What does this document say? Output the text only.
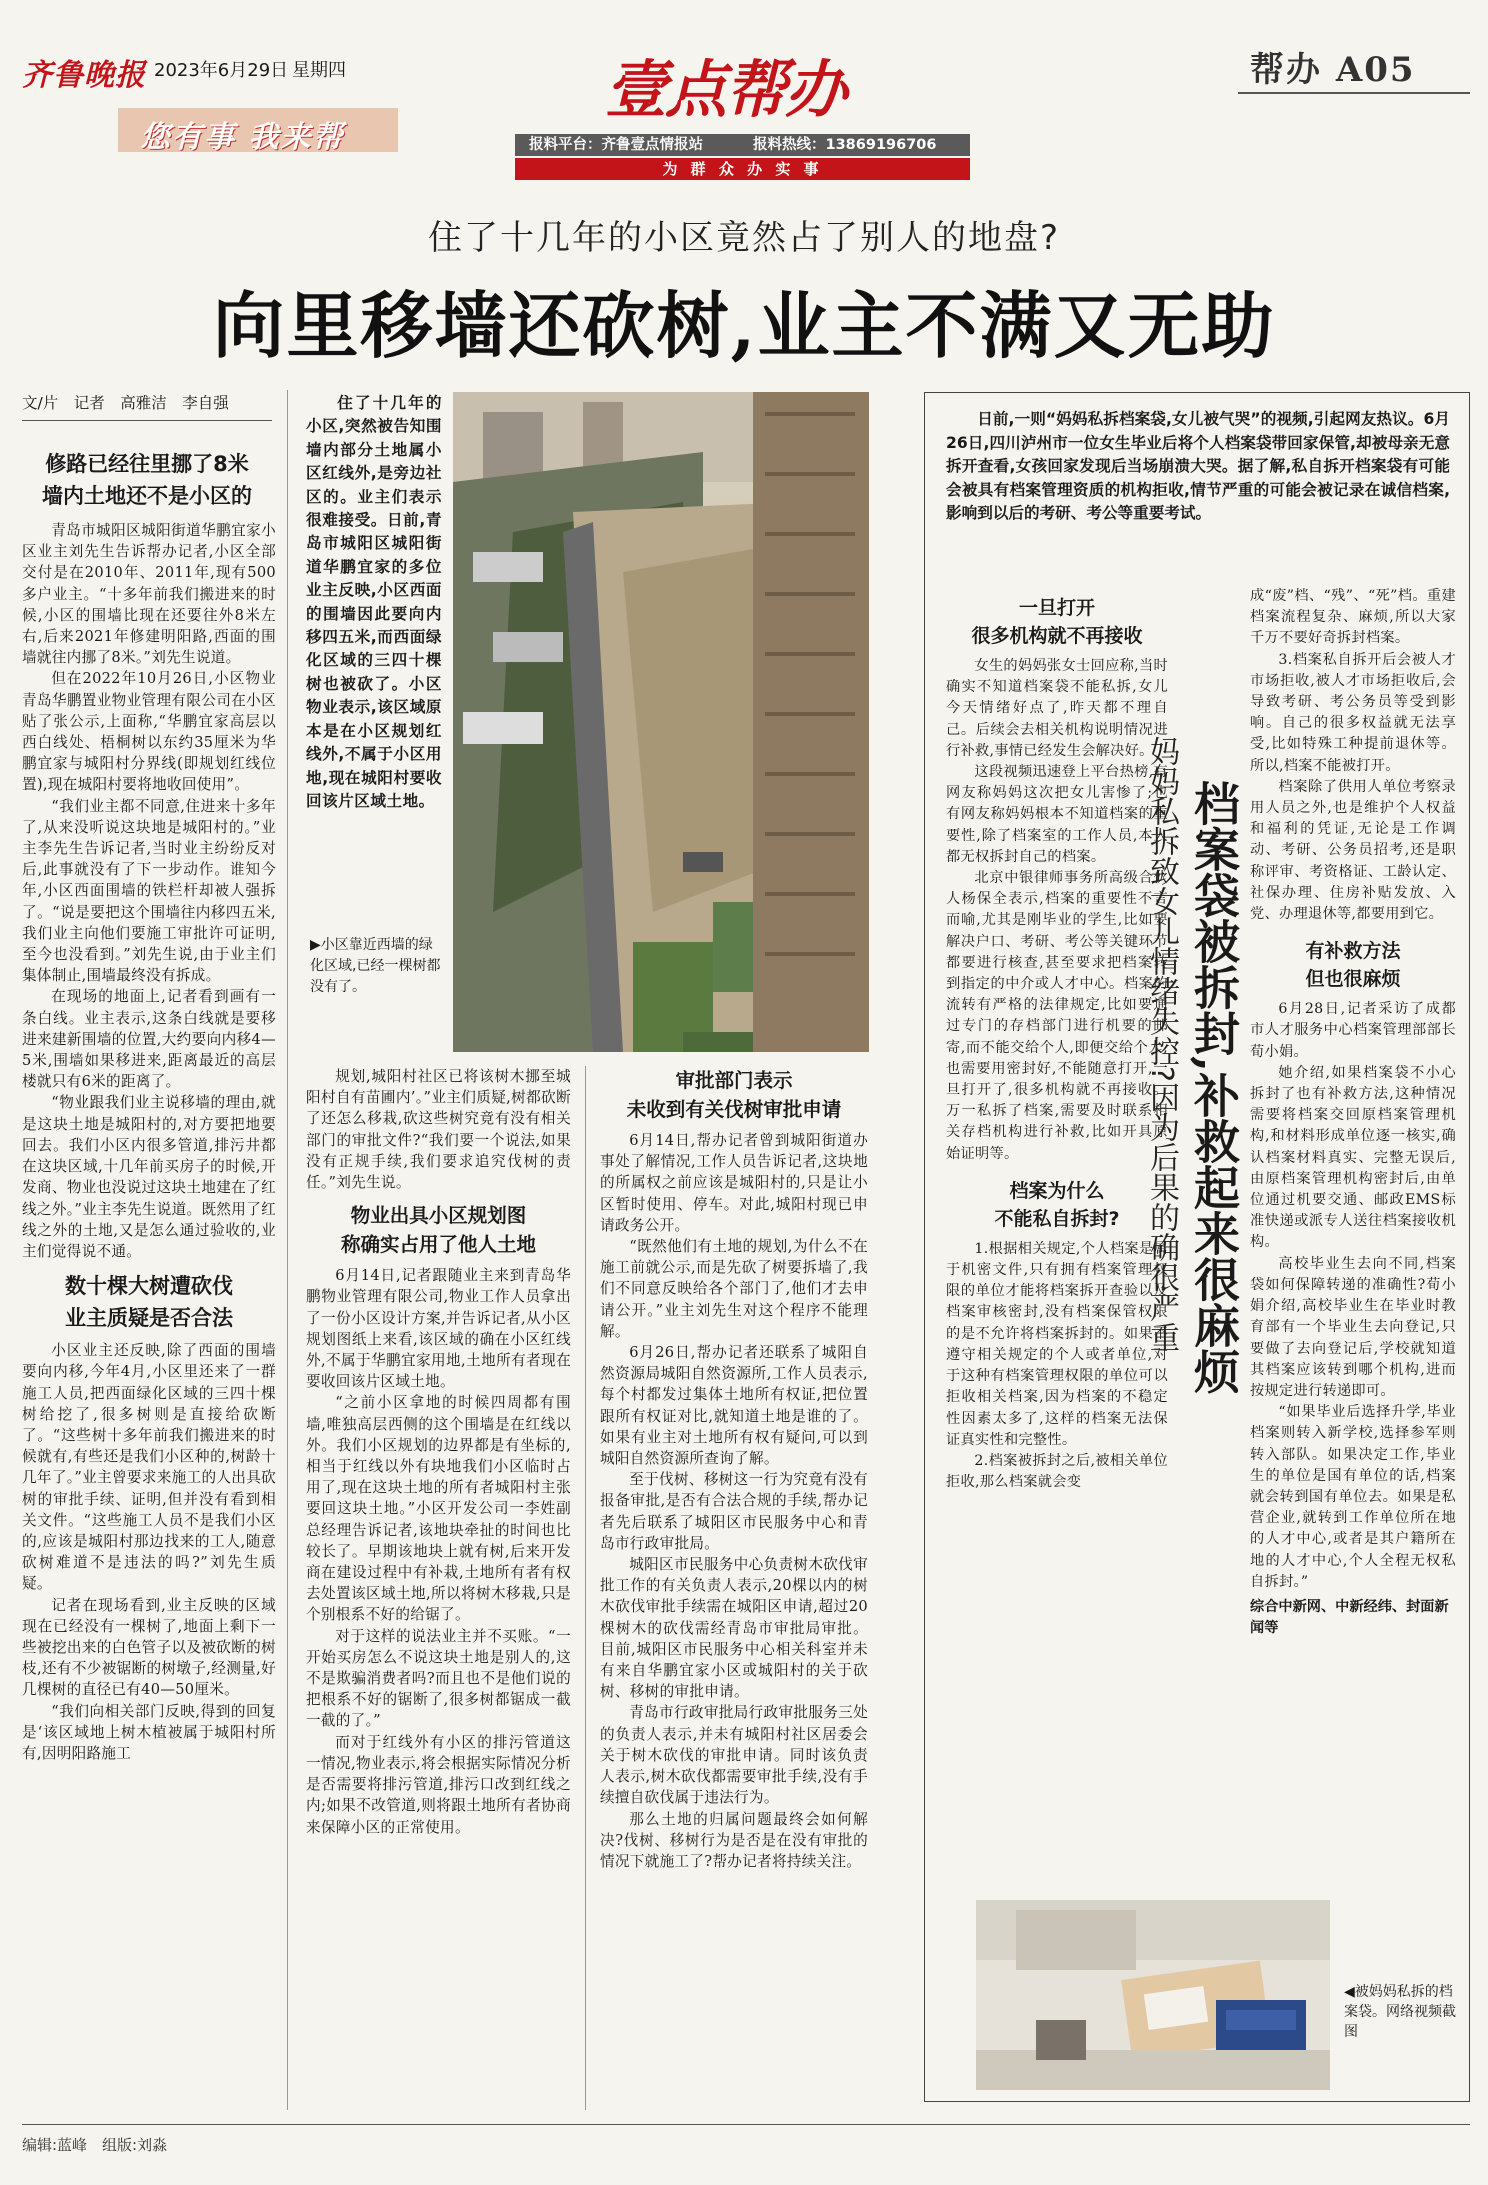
齐鲁晚报 2023年6月29日 星期四
您有事 我来帮
壹点帮办
报料平台：齐鲁壹点情报站	报料热线：13869196706
为 群 众 办 实 事
帮办 A05
住了十几年的小区竟然占了别人的地盘?
向里移墙还砍树,业主不满又无助
文/片　记者　高雅洁　李自强
修路已经往里挪了8米
墙内土地还不是小区的

青岛市城阳区城阳街道华鹏宜家小区业主刘先生告诉帮办记者,小区全部交付是在2010年、2011年,现有500多户业主。“十多年前我们搬进来的时候,小区的围墙比现在还要往外8米左右,后来2021年修建明阳路,西面的围墙就往内挪了8米。”刘先生说道。

但在2022年10月26日,小区物业青岛华鹏置业物业管理有限公司在小区贴了张公示,上面称,“华鹏宜家高层以西白线处、梧桐树以东约35厘米为华鹏宜家与城阳村分界线(即规划红线位置),现在城阳村要将地收回使用”。

“我们业主都不同意,住进来十多年了,从来没听说这块地是城阳村的。”业主李先生告诉记者,当时业主纷纷反对后,此事就没有了下一步动作。谁知今年,小区西面围墙的铁栏杆却被人强拆了。“说是要把这个围墙往内移四五米,我们业主向他们要施工审批许可证明,至今也没看到。”刘先生说,由于业主们集体制止,围墙最终没有拆成。

在现场的地面上,记者看到画有一条白线。业主表示,这条白线就是要移进来建新围墙的位置,大约要向内移4—5米,围墙如果移进来,距离最近的高层楼就只有6米的距离了。

“物业跟我们业主说移墙的理由,就是这块土地是城阳村的,对方要把地要回去。我们小区内很多管道,排污井都在这块区域,十几年前买房子的时候,开发商、物业也没说过这块土地建在了红线之外。”业主李先生说道。既然用了红线之外的土地,又是怎么通过验收的,业主们觉得说不通。

数十棵大树遭砍伐
业主质疑是否合法

小区业主还反映,除了西面的围墙要向内移,今年4月,小区里还来了一群施工人员,把西面绿化区域的三四十棵树给挖了,很多树则是直接给砍断了。“这些树十多年前我们搬进来的时候就有,有些还是我们小区种的,树龄十几年了。”业主曾要求来施工的人出具砍树的审批手续、证明,但并没有看到相关文件。“这些施工人员不是我们小区的,应该是城阳村那边找来的工人,随意砍树难道不是违法的吗?”刘先生质疑。

记者在现场看到,业主反映的区域现在已经没有一棵树了,地面上剩下一些被挖出来的白色管子以及被砍断的树枝,还有不少被锯断的树墩子,经测量,好几棵树的直径已有40—50厘米。

“我们向相关部门反映,得到的回复是‘该区域地上树木植被属于城阳村所有,因明阳路施工

住了十几年的小区,突然被告知围墙内部分土地属小区红线外,是旁边社区的。业主们表示很难接受。日前,青岛市城阳区城阳街道华鹏宜家的多位业主反映,小区西面的围墙因此要向内移四五米,而西面绿化区域的三四十棵树也被砍了。小区物业表示,该区域原本是在小区规划红线外,不属于小区用地,现在城阳村要收回该片区域土地。

▶小区靠近西墙的绿化区域,已经一棵树都没有了。

规划,城阳村社区已将该树木挪至城阳村自有苗圃内’。”业主们质疑,树都砍断了还怎么移栽,砍这些树究竟有没有相关部门的审批文件?“我们要一个说法,如果没有正规手续,我们要求追究伐树的责任。”刘先生说。

物业出具小区规划图
称确实占用了他人土地

6月14日,记者跟随业主来到青岛华鹏物业管理有限公司,物业工作人员拿出了一份小区设计方案,并告诉记者,从小区规划图纸上来看,该区域的确在小区红线外,不属于华鹏宜家用地,土地所有者现在要收回该片区域土地。

“之前小区拿地的时候四周都有围墙,唯独高层西侧的这个围墙是在红线以外。我们小区规划的边界都是有坐标的,相当于红线以外有块地我们小区临时占用了,现在这块土地的所有者城阳村主张要回这块土地。”小区开发公司一李姓副总经理告诉记者,该地块牵扯的时间也比较长了。早期该地块上就有树,后来开发商在建设过程中有补栽,土地所有者有权去处置该区域土地,所以将树木移栽,只是个别根系不好的给锯了。

对于这样的说法业主并不买账。“一开始买房怎么不说这块土地是别人的,这不是欺骗消费者吗?而且也不是他们说的把根系不好的锯断了,很多树都锯成一截一截的了。”

而对于红线外有小区的排污管道这一情况,物业表示,将会根据实际情况分析是否需要将排污管道,排污口改到红线之内;如果不改管道,则将跟土地所有者协商来保障小区的正常使用。

审批部门表示
未收到有关伐树审批申请

6月14日,帮办记者曾到城阳街道办事处了解情况,工作人员告诉记者,这块地的所属权之前应该是城阳村的,只是让小区暂时使用、停车。对此,城阳村现已申请政务公开。

“既然他们有土地的规划,为什么不在施工前就公示,而是先砍了树要拆墙了,我们不同意反映给各个部门了,他们才去申请公开。”业主刘先生对这个程序不能理解。

6月26日,帮办记者还联系了城阳自然资源局城阳自然资源所,工作人员表示,每个村都发过集体土地所有权证,把位置跟所有权证对比,就知道土地是谁的了。如果有业主对土地所有权有疑问,可以到城阳自然资源所查询了解。

至于伐树、移树这一行为究竟有没有报备审批,是否有合法合规的手续,帮办记者先后联系了城阳区市民服务中心和青岛市行政审批局。

城阳区市民服务中心负责树木砍伐审批工作的有关负责人表示,20棵以内的树木砍伐审批手续需在城阳区申请,超过20棵树木的砍伐需经青岛市审批局审批。目前,城阳区市民服务中心相关科室并未有来自华鹏宜家小区或城阳村的关于砍树、移树的审批申请。

青岛市行政审批局行政审批服务三处的负责人表示,并未有城阳村社区居委会关于树木砍伐的审批申请。同时该负责人表示,树木砍伐都需要审批手续,没有手续擅自砍伐属于违法行为。

那么土地的归属问题最终会如何解决?伐树、移树行为是否是在没有审批的情况下就施工了?帮办记者将持续关注。

日前,一则“妈妈私拆档案袋,女儿被气哭”的视频,引起网友热议。6月26日,四川泸州市一位女生毕业后将个人档案袋带回家保管,却被母亲无意拆开查看,女孩回家发现后当场崩溃大哭。据了解,私自拆开档案袋有可能会被具有档案管理资质的机构拒收,情节严重的可能会被记录在诚信档案,影响到以后的考研、考公等重要考试。

一旦打开
很多机构就不再接收

女生的妈妈张女士回应称,当时确实不知道档案袋不能私拆,女儿今天情绪好点了,昨天都不理自己。后续会去相关机构说明情况进行补救,事情已经发生会解决好。

这段视频迅速登上平台热榜,有网友称妈妈这次把女儿害惨了;也有网友称妈妈根本不知道档案的重要性,除了档案室的工作人员,本人都无权拆封自己的档案。

北京中银律师事务所高级合伙人杨保全表示,档案的重要性不言而喻,尤其是刚毕业的学生,比如要解决户口、考研、考公等关键环节都要进行核查,甚至要求把档案转到指定的中介或人才中心。档案的流转有严格的法律规定,比如要通过专门的存档部门进行机要的邮寄,而不能交给个人,即便交给个人,也需要用密封好,不能随意打开,一旦打开了,很多机构就不再接收。万一私拆了档案,需要及时联系相关存档机构进行补救,比如开具原始证明等。

档案为什么
不能私自拆封?

1.根据相关规定,个人档案是属于机密文件,只有拥有档案管理权限的单位才能将档案拆开查验以及档案审核密封,没有档案保管权限的是不允许将档案拆封的。如果不遵守相关规定的个人或者单位,对于这种有档案管理权限的单位可以拒收相关档案,因为档案的不稳定性因素太多了,这样的档案无法保证真实性和完整性。

2.档案被拆封之后,被相关单位拒收,那么档案就会变

妈妈私拆致女儿情绪失控?因为后果的确很严重 档案袋被拆封,补救起来很麻烦

成“废”档、“残”、“死”档。重建档案流程复杂、麻烦,所以大家千万不要好奇拆封档案。

3.档案私自拆开后会被人才市场拒收,被人才市场拒收后,会导致考研、考公务员等受到影响。自己的很多权益就无法享受,比如特殊工种提前退休等。所以,档案不能被打开。

档案除了供用人单位考察录用人员之外,也是维护个人权益和福利的凭证,无论是工作调动、考研、公务员招考,还是职称评审、考资格证、工龄认定、社保办理、住房补贴发放、入党、办理退休等,都要用到它。

有补救方法
但也很麻烦

6月28日,记者采访了成都市人才服务中心档案管理部部长荀小娟。

她介绍,如果档案袋不小心拆封了也有补救方法,这种情况需要将档案交回原档案管理机构,和材料形成单位逐一核实,确认档案材料真实、完整无误后,由原档案管理机构密封后,由单位通过机要交通、邮政EMS标准快递或派专人送往档案接收机构。

高校毕业生去向不同,档案袋如何保障转递的准确性?荀小娟介绍,高校毕业生在毕业时教育部有一个毕业生去向登记,只要做了去向登记后,学校就知道其档案应该转到哪个机构,进而按规定进行转递即可。

“如果毕业后选择升学,毕业档案则转入新学校,选择参军则转入部队。如果决定工作,毕业生的单位是国有单位的话,档案就会转到国有单位去。如果是私营企业,就转到工作单位所在地的人才中心,或者是其户籍所在地的人才中心,个人全程无权私自拆封。”

综合中新网、中新经纬、封面新闻等

◀被妈妈私拆的档案袋。网络视频截图
编辑:蓝峰　组版:刘淼
